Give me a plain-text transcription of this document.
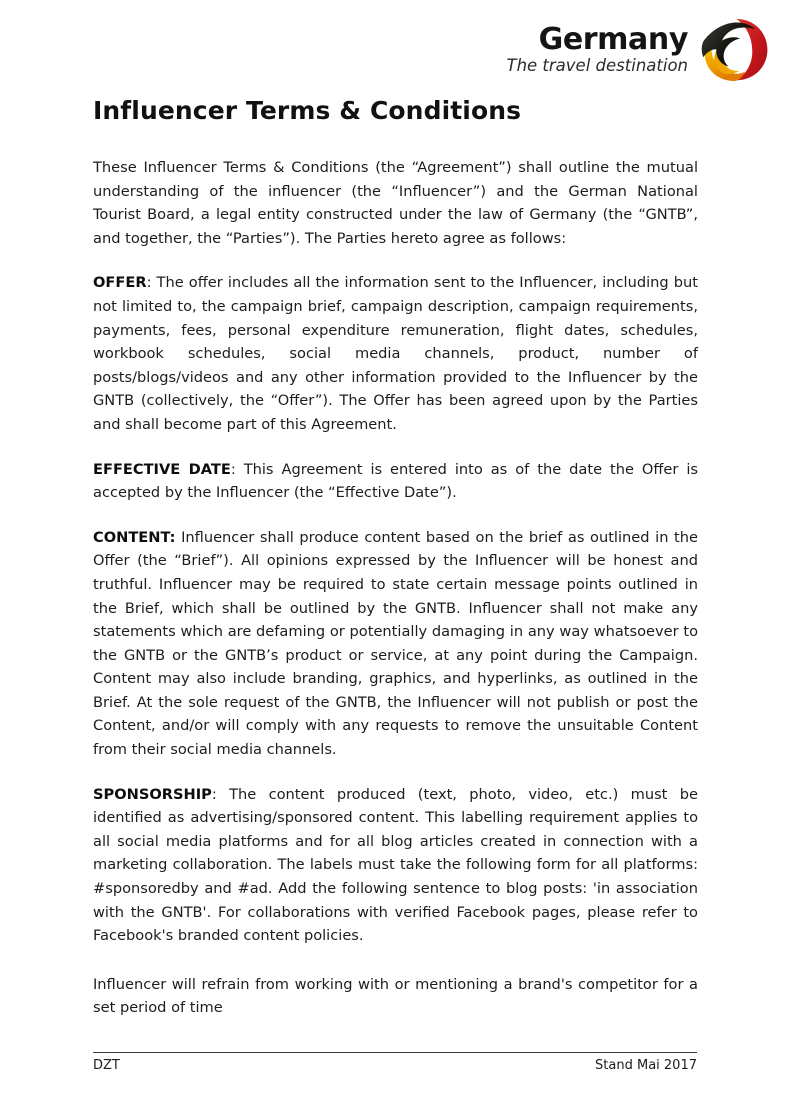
Germany
The travel destination
Influencer Terms & Conditions

These Influencer Terms & Conditions (the “Agreement”) shall outline the mutual understanding of the influencer (the “Influencer”) and the German National Tourist Board, a legal entity constructed under the law of Germany (the “GNTB”, and together, the “Parties”). The Parties hereto agree as follows:

OFFER: The offer includes all the information sent to the Influencer, including but not limited to, the campaign brief, campaign description, campaign requirements, payments, fees, personal expenditure remuneration, flight dates, schedules, workbook schedules, social media channels, product, number of posts/blogs/videos and any other information provided to the Influencer by the GNTB (collectively, the “Offer”). The Offer has been agreed upon by the Parties and shall become part of this Agreement.

EFFECTIVE DATE: This Agreement is entered into as of the date the Offer is accepted by the Influencer (the “Effective Date”).

CONTENT: Influencer shall produce content based on the brief as outlined in the Offer (the “Brief”). All opinions expressed by the Influencer will be honest and truthful. Influencer may be required to state certain message points outlined in the Brief, which shall be outlined by the GNTB. Influencer shall not make any statements which are defaming or potentially damaging in any way whatsoever to the GNTB or the GNTB’s product or service, at any point during the Campaign. Content may also include branding, graphics, and hyperlinks, as outlined in the Brief. At the sole request of the GNTB, the Influencer will not publish or post the Content, and/or will comply with any requests to remove the unsuitable Content from their social media channels.

SPONSORSHIP: The content produced (text, photo, video, etc.) must be identified as advertising/sponsored content. This labelling requirement applies to all social media platforms and for all blog articles created in connection with a marketing collaboration. The labels must take the following form for all platforms: #sponsoredby and #ad. Add the following sentence to blog posts: 'in association with the GNTB'. For collaborations with verified Facebook pages, please refer to Facebook's branded content policies.

Influencer will refrain from working with or mentioning a brand's competitor for a set period of time

DZT	Stand Mai 2017
